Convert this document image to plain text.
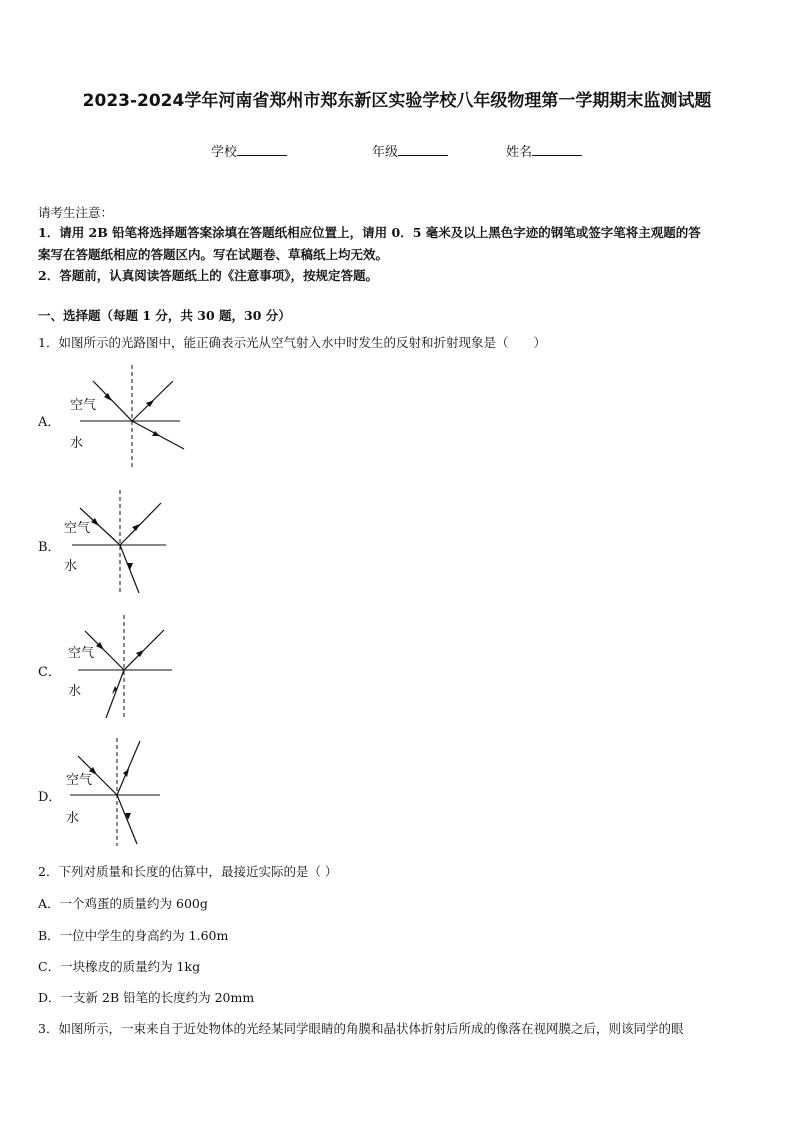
2023-2024学年河南省郑州市郑东新区实验学校八年级物理第一学期期末监测试题
学校	年级	姓名
请考生注意：
1．请用 2B 铅笔将选择题答案涂填在答题纸相应位置上，请用 0．5 毫米及以上黑色字迹的钢笔或签字笔将主观题的答
案写在答题纸相应的答题区内。写在试题卷、草稿纸上均无效。
2．答题前，认真阅读答题纸上的《注意事项》，按规定答题。
一、选择题（每题 1 分，共 30 题，30 分）
1．如图所示的光路图中，能正确表示光从空气射入水中时发生的反射和折射现象是（　　）
A．
空气
水
B．
空气
水
C．
空气
水
D．
空气
水
2．下列对质量和长度的估算中，最接近实际的是（ ）
A．一个鸡蛋的质量约为 600g
B．一位中学生的身高约为 1.60m
C．一块橡皮的质量约为 1kg
D．一支新 2B 铅笔的长度约为 20mm
3．如图所示，一束来自于近处物体的光经某同学眼睛的角膜和晶状体折射后所成的像落在视网膜之后，则该同学的眼
